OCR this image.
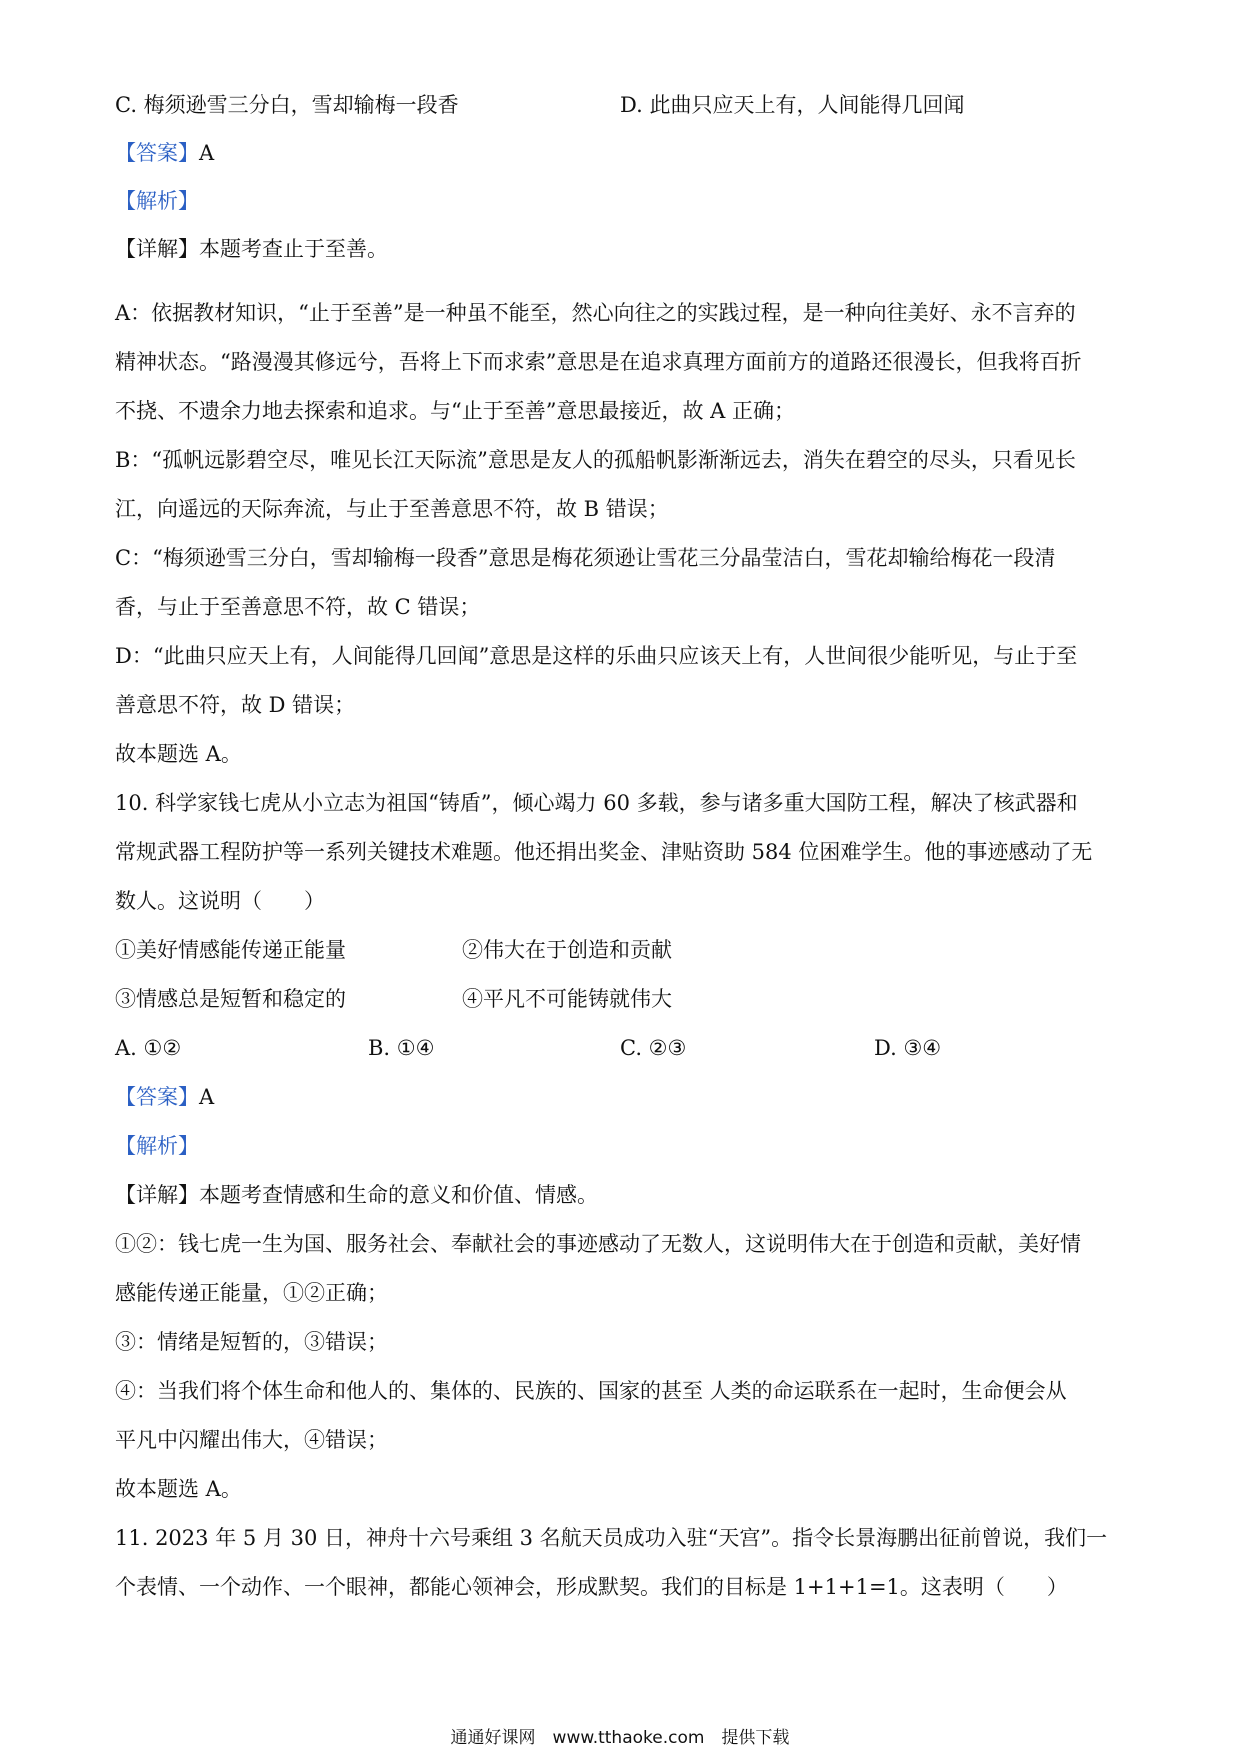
C. 梅须逊雪三分白，雪却输梅一段香	D. 此曲只应天上有，人间能得几回闻
【答案】A
【解析】
【详解】本题考查止于至善。
A：依据教材知识，“止于至善”是一种虽不能至，然心向往之的实践过程，是一种向往美好、永不言弃的
精神状态。“路漫漫其修远兮，吾将上下而求索”意思是在追求真理方面前方的道路还很漫长，但我将百折
不挠、不遗余力地去探索和追求。与“止于至善”意思最接近，故 A 正确；
B：“孤帆远影碧空尽，唯见长江天际流”意思是友人的孤船帆影渐渐远去，消失在碧空的尽头，只看见长
江，向遥远的天际奔流，与止于至善意思不符，故 B 错误；
C：“梅须逊雪三分白，雪却输梅一段香”意思是梅花须逊让雪花三分晶莹洁白，雪花却输给梅花一段清
香，与止于至善意思不符，故 C 错误；
D：“此曲只应天上有，人间能得几回闻”意思是这样的乐曲只应该天上有，人世间很少能听见，与止于至
善意思不符，故 D 错误；
故本题选 A。
10. 科学家钱七虎从小立志为祖国“铸盾”，倾心竭力 60 多载，参与诸多重大国防工程，解决了核武器和
常规武器工程防护等一系列关键技术难题。他还捐出奖金、津贴资助 584 位困难学生。他的事迹感动了无
数人。这说明（　　）
①美好情感能传递正能量	②伟大在于创造和贡献
③情感总是短暂和稳定的	④平凡不可能铸就伟大
A. ①②	B. ①④	C. ②③	D. ③④
【答案】A
【解析】
【详解】本题考查情感和生命的意义和价值、情感。
①②：钱七虎一生为国、服务社会、奉献社会的事迹感动了无数人，这说明伟大在于创造和贡献，美好情
感能传递正能量，①②正确；
③：情绪是短暂的，③错误；
④：当我们将个体生命和他人的、集体的、民族的、国家的甚至 人类的命运联系在一起时，生命便会从
平凡中闪耀出伟大，④错误；
故本题选 A。
11. 2023 年 5 月 30 日，神舟十六号乘组 3 名航天员成功入驻“天宫”。指令长景海鹏出征前曾说，我们一
个表情、一个动作、一个眼神，都能心领神会，形成默契。我们的目标是 1+1+1=1。这表明（　　）
通通好课网　www.tthaoke.com　提供下载
